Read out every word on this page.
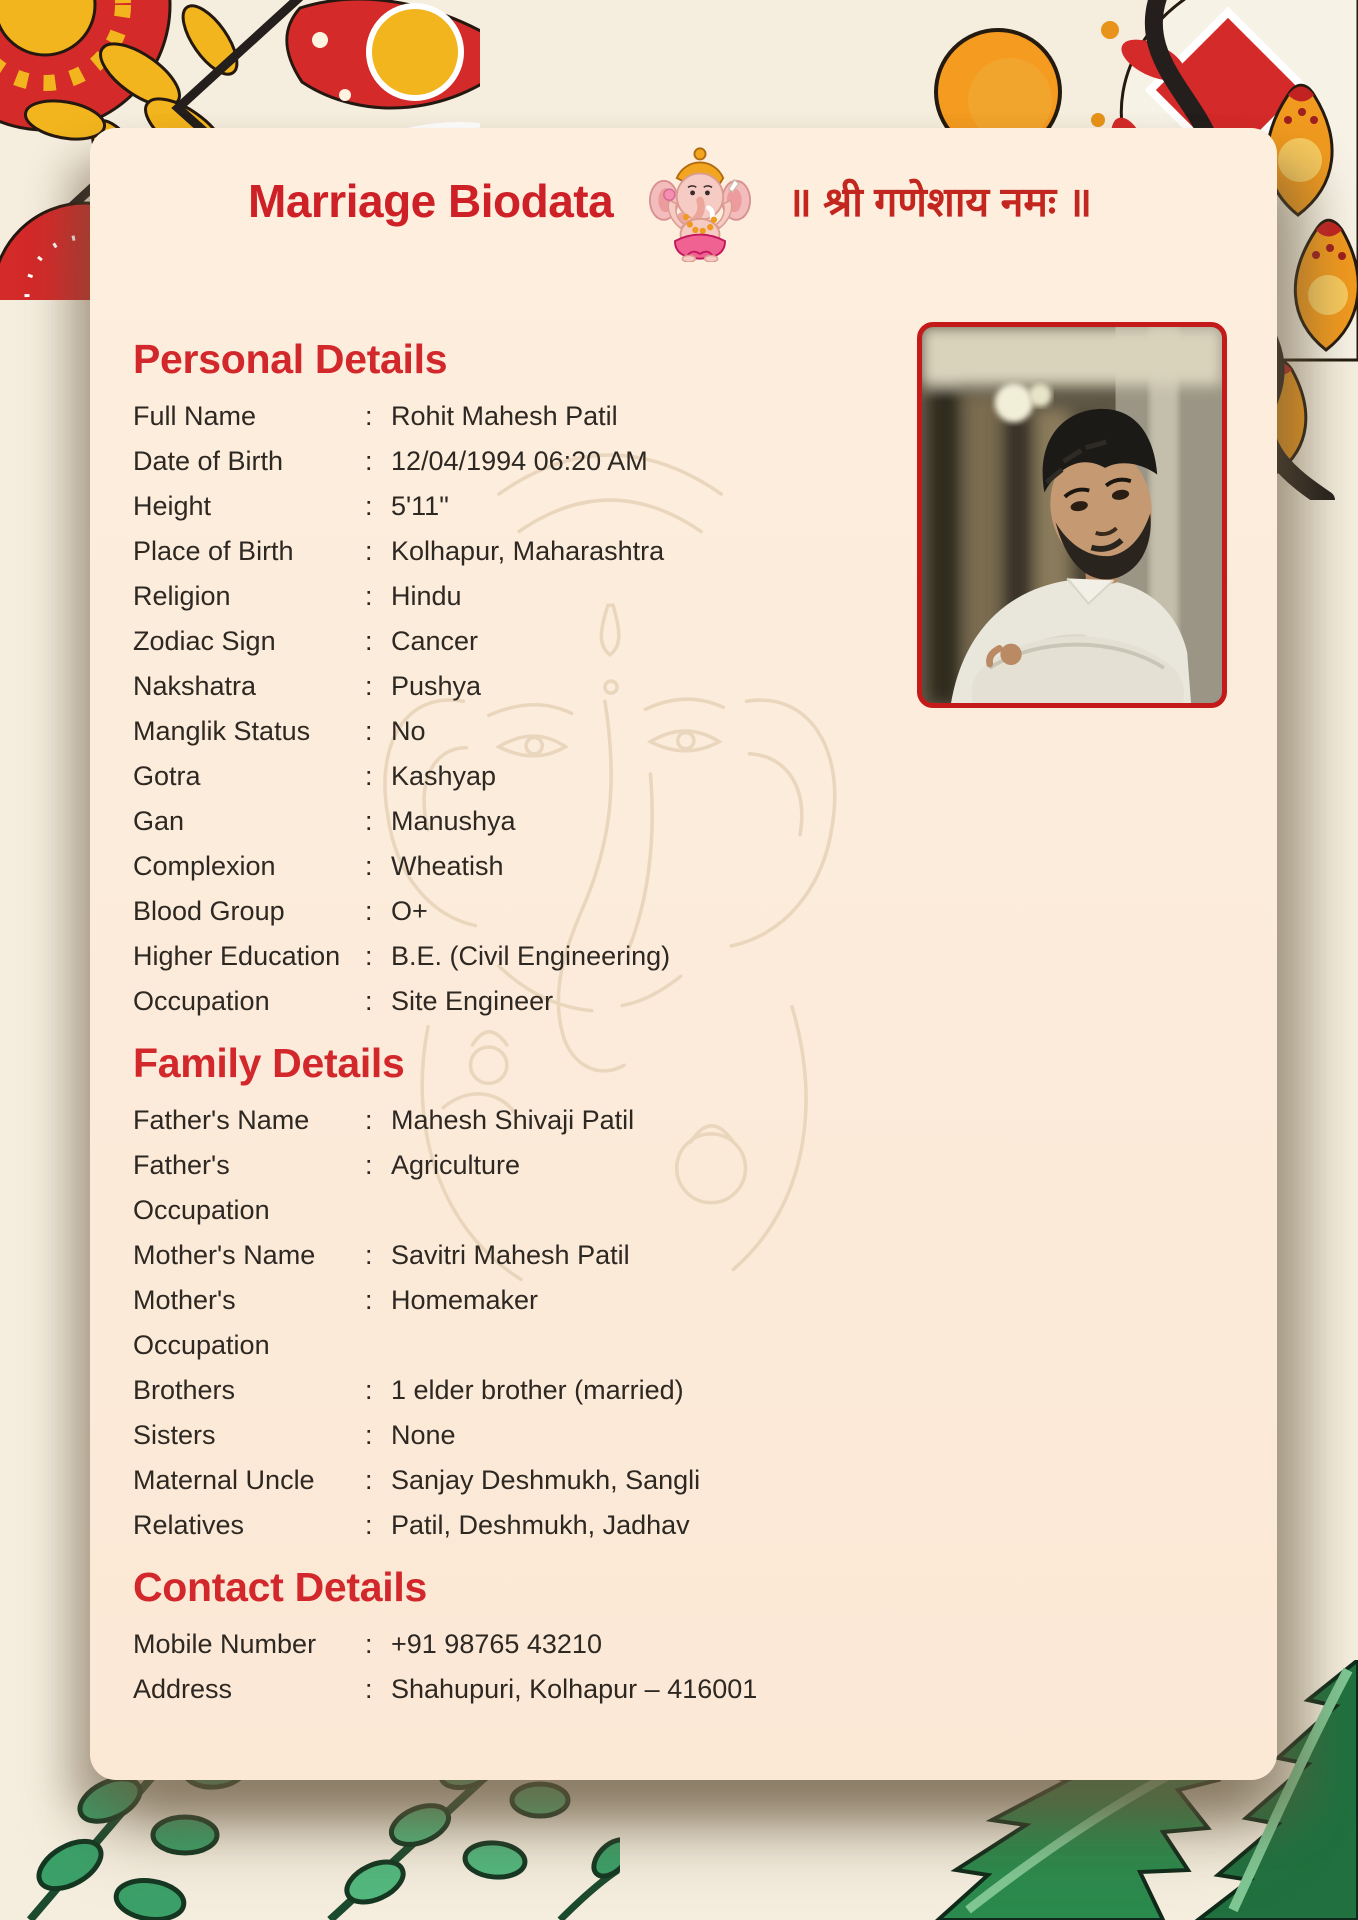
Marriage Biodata	॥ श्री गणेशाय नमः ॥
Personal Details
Full Name	: Rohit Mahesh Patil
Date of Birth	: 12/04/1994 06:20 AM
Height	: 5'11"
Place of Birth	: Kolhapur, Maharashtra
Religion	: Hindu
Zodiac Sign	: Cancer
Nakshatra	: Pushya
Manglik Status	: No
Gotra	: Kashyap
Gan	: Manushya
Complexion	: Wheatish
Blood Group	: O+
Higher Education : B.E. (Civil Engineering)
Occupation	: Site Engineer
Family Details
Father's Name	: Mahesh Shivaji Patil
Father's Occupation
: Agriculture
Mother's Name	: Savitri Mahesh Patil
Mother's Occupation
: Homemaker
Brothers	: 1 elder brother (married)
Sisters	: None
Maternal Uncle	: Sanjay Deshmukh, Sangli
Relatives	: Patil, Deshmukh, Jadhav
Contact Details
Mobile Number	: +91 98765 43210
Address	: Shahupuri, Kolhapur – 416001
